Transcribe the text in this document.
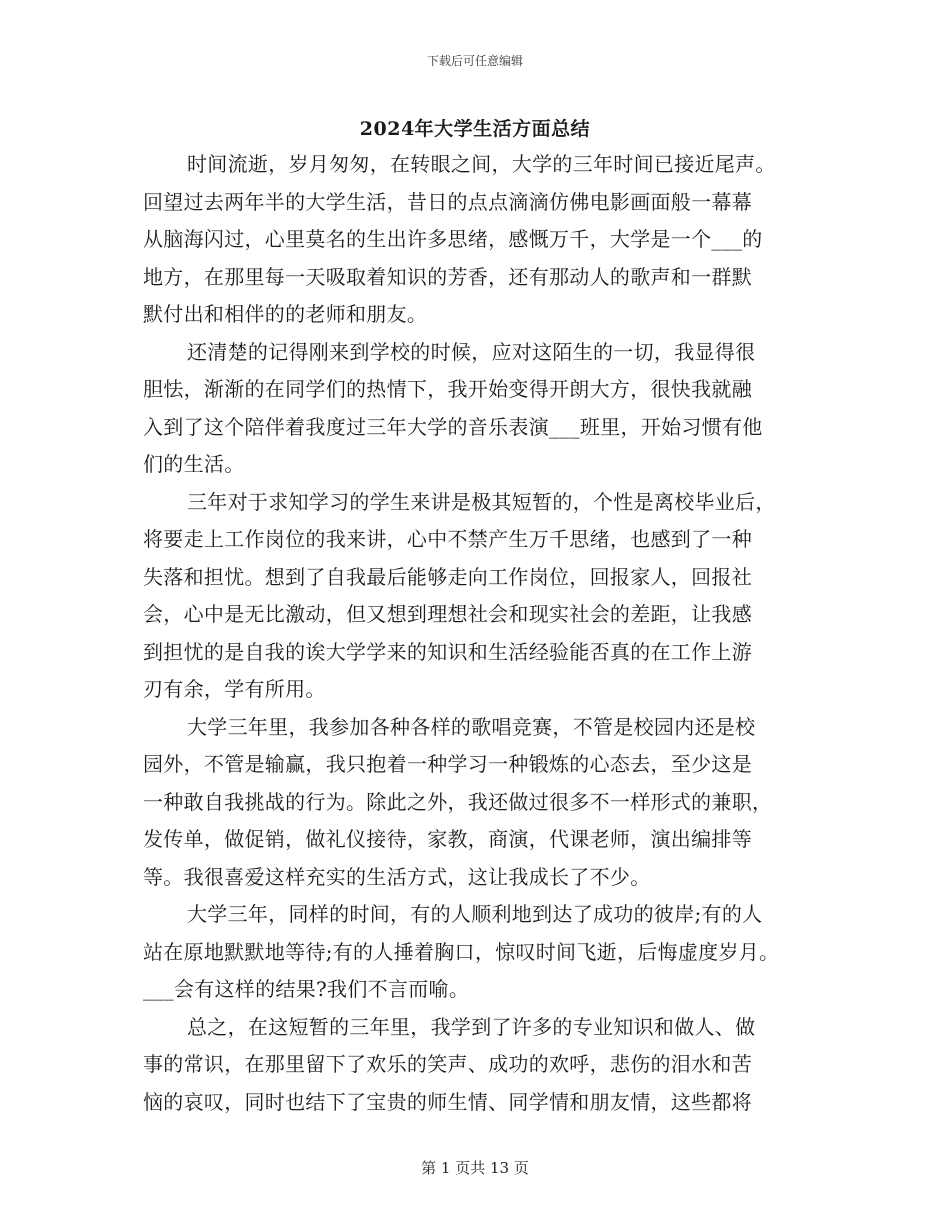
下载后可任意编辑
2024年大学生活方面总结
时间流逝，岁月匆匆，在转眼之间，大学的三年时间已接近尾声。
回望过去两年半的大学生活，昔日的点点滴滴仿佛电影画面般一幕幕
从脑海闪过，心里莫名的生出许多思绪，感慨万千，大学是一个___的
地方，在那里每一天吸取着知识的芳香，还有那动人的歌声和一群默
默付出和相伴的的老师和朋友。
还清楚的记得刚来到学校的时候，应对这陌生的一切，我显得很
胆怯，渐渐的在同学们的热情下，我开始变得开朗大方，很快我就融
入到了这个陪伴着我度过三年大学的音乐表演___班里，开始习惯有他
们的生活。
三年对于求知学习的学生来讲是极其短暂的，个性是离校毕业后，
将要走上工作岗位的我来讲，心中不禁产生万千思绪，也感到了一种
失落和担忧。想到了自我最后能够走向工作岗位，回报家人，回报社
会，心中是无比激动，但又想到理想社会和现实社会的差距，让我感
到担忧的是自我的诶大学学来的知识和生活经验能否真的在工作上游
刃有余，学有所用。
大学三年里，我参加各种各样的歌唱竞赛，不管是校园内还是校
园外，不管是输赢，我只抱着一种学习一种锻炼的心态去，至少这是
一种敢自我挑战的行为。除此之外，我还做过很多不一样形式的兼职，
发传单，做促销，做礼仪接待，家教，商演，代课老师，演出编排等
等。我很喜爱这样充实的生活方式，这让我成长了不少。
大学三年，同样的时间，有的人顺利地到达了成功的彼岸;有的人
站在原地默默地等待;有的人捶着胸口，惊叹时间飞逝，后悔虚度岁月。
___会有这样的结果?我们不言而喻。
总之，在这短暂的三年里，我学到了许多的专业知识和做人、做
事的常识，在那里留下了欢乐的笑声、成功的欢呼，悲伤的泪水和苦
恼的哀叹，同时也结下了宝贵的师生情、同学情和朋友情，这些都将
第 1 页共 13 页
